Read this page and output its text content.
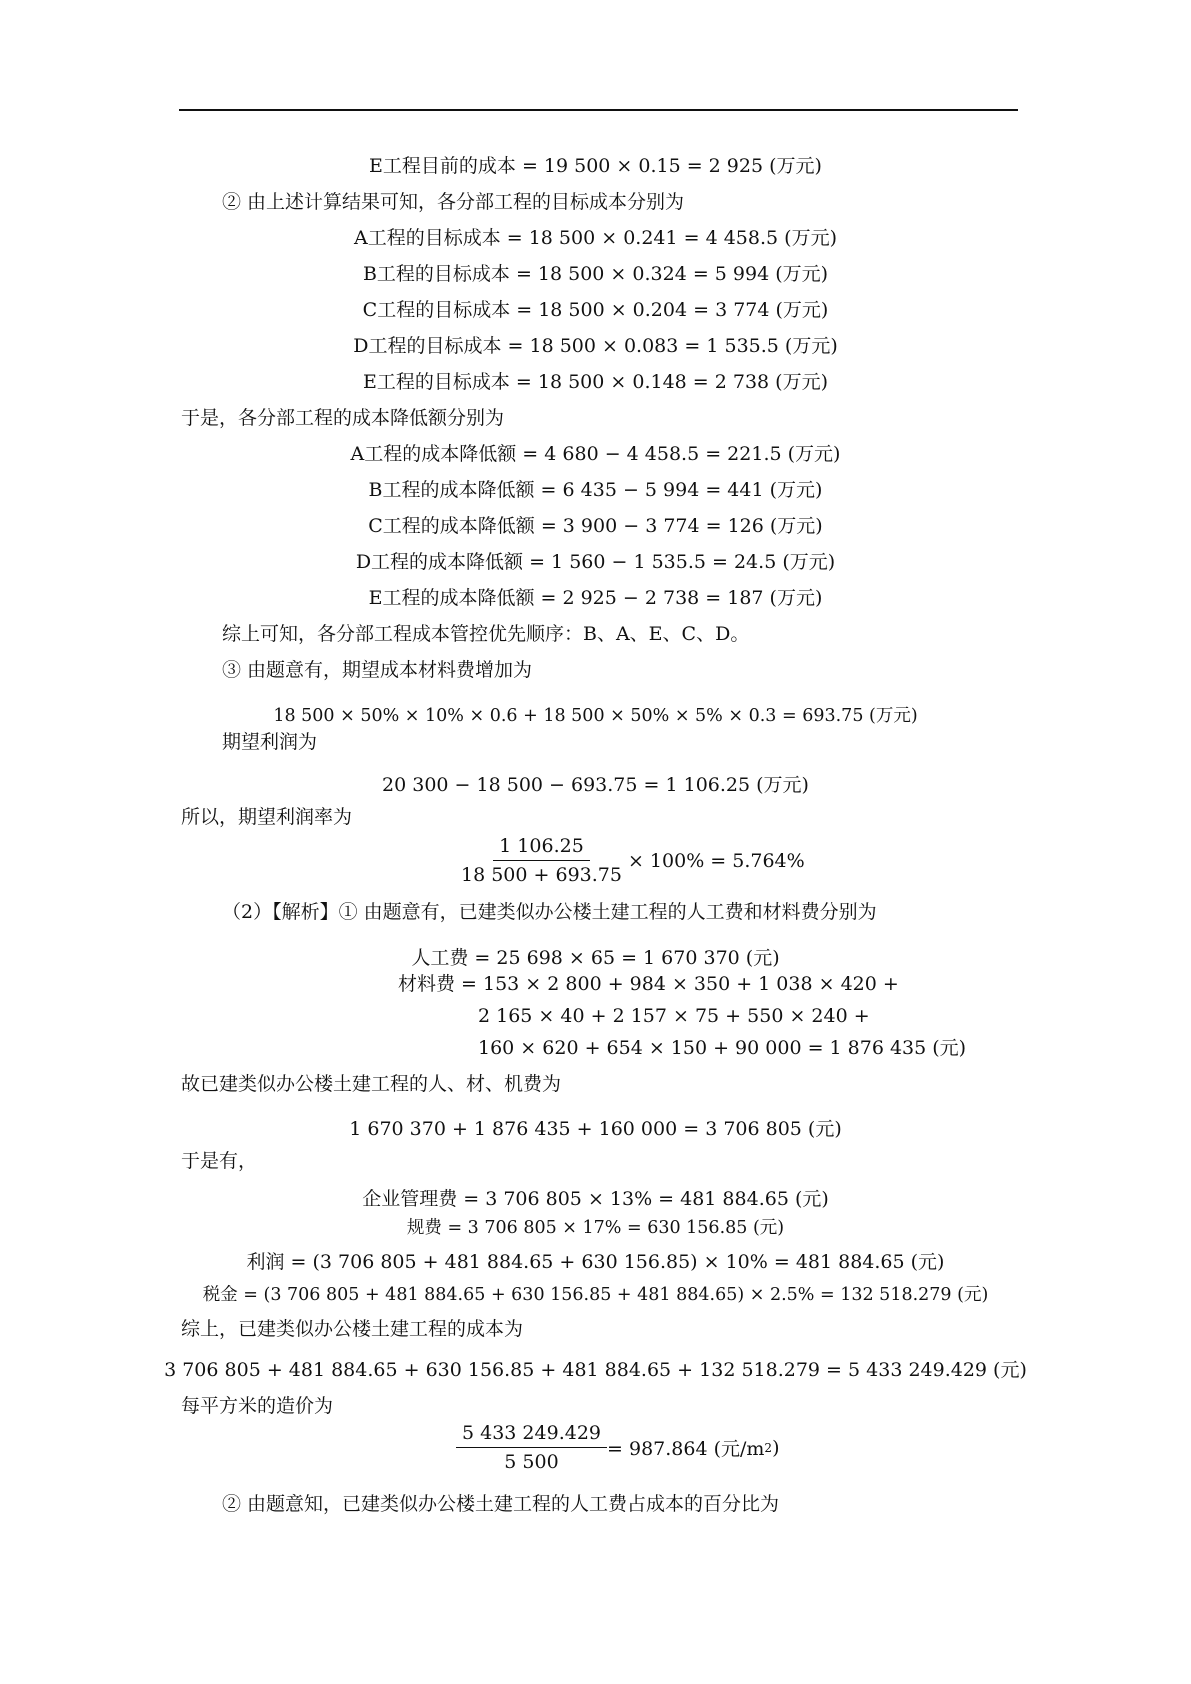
E工程目前的成本 = 19 500 × 0.15 = 2 925 (万元)
② 由上述计算结果可知，各分部工程的目标成本分别为
A工程的目标成本 = 18 500 × 0.241 = 4 458.5 (万元)
B工程的目标成本 = 18 500 × 0.324 = 5 994 (万元)
C工程的目标成本 = 18 500 × 0.204 = 3 774 (万元)
D工程的目标成本 = 18 500 × 0.083 = 1 535.5 (万元)
E工程的目标成本 = 18 500 × 0.148 = 2 738 (万元)
于是，各分部工程的成本降低额分别为
A工程的成本降低额 = 4 680 − 4 458.5 = 221.5 (万元)
B工程的成本降低额 = 6 435 − 5 994 = 441 (万元)
C工程的成本降低额 = 3 900 − 3 774 = 126 (万元)
D工程的成本降低额 = 1 560 − 1 535.5 = 24.5 (万元)
E工程的成本降低额 = 2 925 − 2 738 = 187 (万元)
综上可知，各分部工程成本管控优先顺序：B、A、E、C、D。
③ 由题意有，期望成本材料费增加为
18 500 × 50% × 10% × 0.6 + 18 500 × 50% × 5% × 0.3 = 693.75 (万元)
期望利润为
20 300 − 18 500 − 693.75 = 1 106.25 (万元)
所以，期望利润率为
$\frac{1 106.25}{18 500 + 693.75} \times 100\% = 5.764\%$
（2）【解析】① 由题意有，已建类似办公楼土建工程的人工费和材料费分别为
人工费 = 25 698 × 65 = 1 670 370 (元)
材料费 = 153 × 2 800 + 984 × 350 + 1 038 × 420 +
2 165 × 40 + 2 157 × 75 + 550 × 240 +
160 × 620 + 654 × 150 + 90 000 = 1 876 435 (元)
故已建类似办公楼土建工程的人、材、机费为
1 670 370 + 1 876 435 + 160 000 = 3 706 805 (元)
于是有，
企业管理费 = 3 706 805 × 13% = 481 884.65 (元)
规费 = 3 706 805 × 17% = 630 156.85 (元)
利润 = (3 706 805 + 481 884.65 + 630 156.85) × 10% = 481 884.65 (元)
税金 = (3 706 805 + 481 884.65 + 630 156.85 + 481 884.65) × 2.5% = 132 518.279 (元)
综上，已建类似办公楼土建工程的成本为
3 706 805 + 481 884.65 + 630 156.85 + 481 884.65 + 132 518.279 = 5 433 249.429 (元)
每平方米的造价为
$\frac{5 433 249.429}{5 500} = 987.864$ (元/m 2 )
② 由题意知，已建类似办公楼土建工程的人工费占成本的百分比为
